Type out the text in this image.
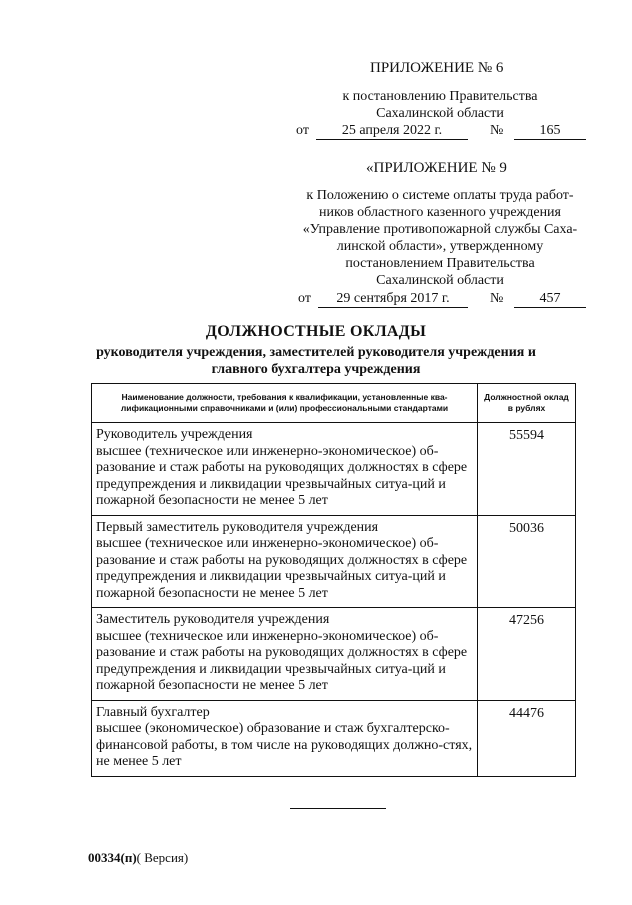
ПРИЛОЖЕНИЕ № 6
к постановлению Правительства
Сахалинской области
от	25 апреля 2022 г.	№	165
«ПРИЛОЖЕНИЕ № 9
к Положению о системе оплаты труда работ-
ников областного казенного учреждения
«Управление противопожарной службы Саха-
линской области», утвержденному
постановлением Правительства
Сахалинской области
от	29 сентября 2017 г.	№	457
ДОЛЖНОСТНЫЕ ОКЛАДЫ
руководителя учреждения, заместителей руководителя учреждения и
главного бухгалтера учреждения
Наименование должности, требования к квалификации, установленные ква-лификационными справочниками и (или) профессиональными стандартами	Должностной оклад в рублях

Руководитель учреждения
высшее (техническое или инженерно-экономическое) об-разование и стаж работы на руководящих должностях в сфере предупреждения и ликвидации чрезвычайных ситуа-ций и пожарной безопасности не менее 5 лет	55594

Первый заместитель руководителя учреждения
высшее (техническое или инженерно-экономическое) об-разование и стаж работы на руководящих должностях в сфере предупреждения и ликвидации чрезвычайных ситуа-ций и пожарной безопасности не менее 5 лет	50036

Заместитель руководителя учреждения
высшее (техническое или инженерно-экономическое) об-разование и стаж работы на руководящих должностях в сфере предупреждения и ликвидации чрезвычайных ситуа-ций и пожарной безопасности не менее 5 лет	47256

Главный бухгалтер
высшее (экономическое) образование и стаж бухгалтерско-финансовой работы, в том числе на руководящих должно-стях, не менее 5 лет	44476
00334(п)( Версия)
